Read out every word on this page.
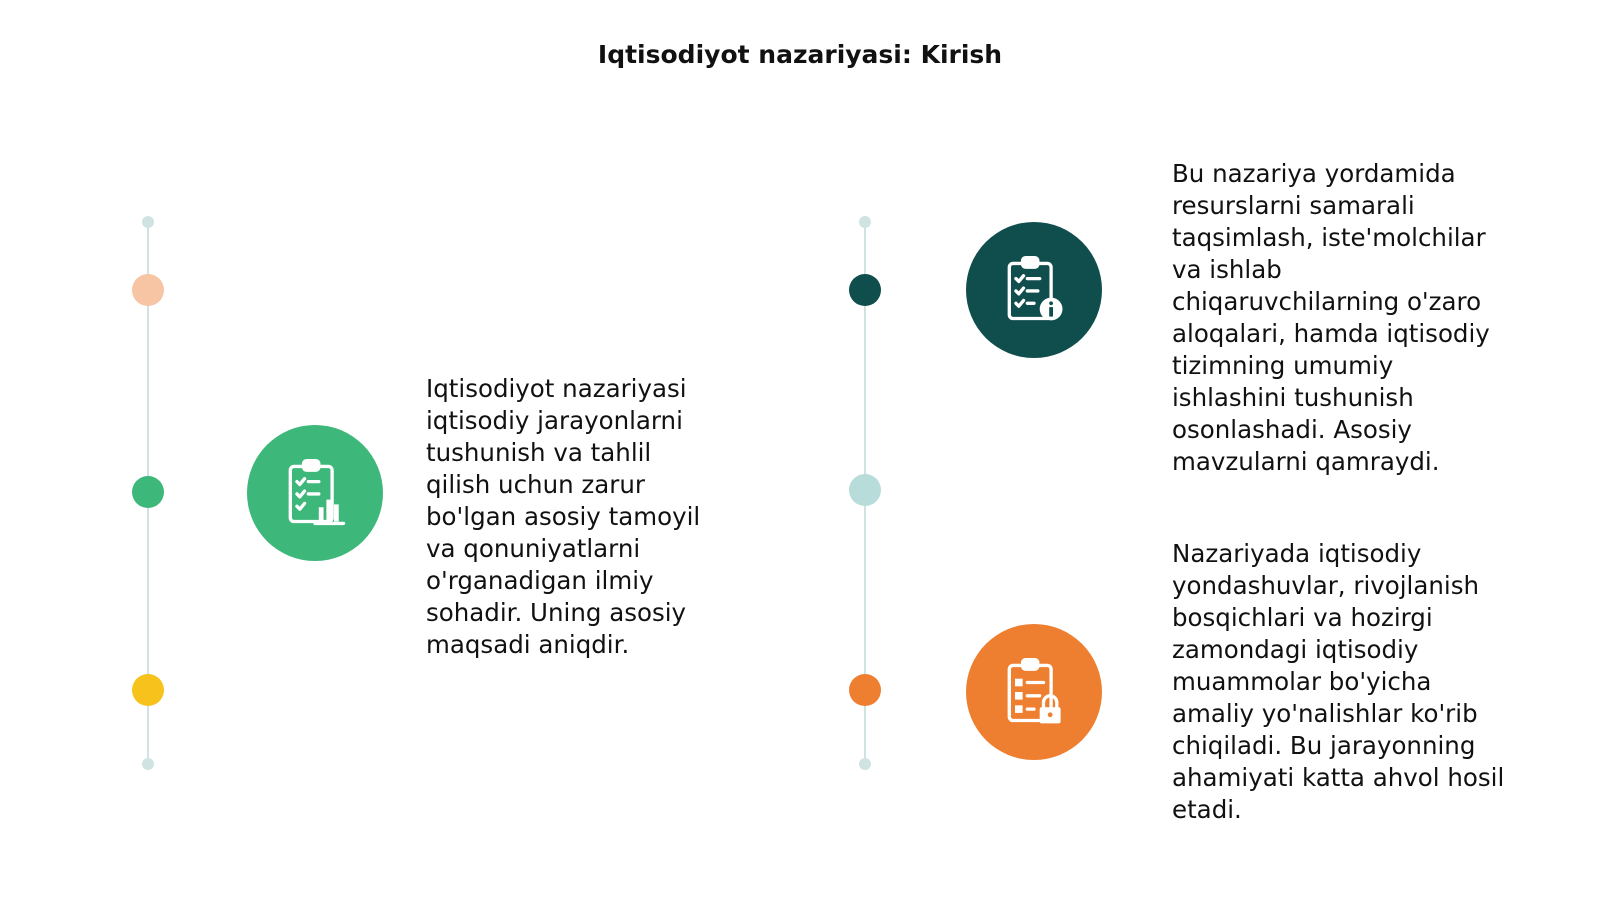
Iqtisodiyot nazariyasi: Kirish

Iqtisodiyot nazariyasi
iqtisodiy jarayonlarni
tushunish va tahlil
qilish uchun zarur
bo'lgan asosiy tamoyil
va qonuniyatlarni
o'rganadigan ilmiy
sohadir. Uning asosiy
maqsadi aniqdir.

Bu nazariya yordamida
resurslarni samarali
taqsimlash, iste'molchilar
va ishlab
chiqaruvchilarning o'zaro
aloqalari, hamda iqtisodiy
tizimning umumiy
ishlashini tushunish
osonlashadi. Asosiy
mavzularni qamraydi.

Nazariyada iqtisodiy
yondashuvlar, rivojlanish
bosqichlari va hozirgi
zamondagi iqtisodiy
muammolar bo'yicha
amaliy yo'nalishlar ko'rib
chiqiladi. Bu jarayonning
ahamiyati katta ahvol hosil
etadi.
